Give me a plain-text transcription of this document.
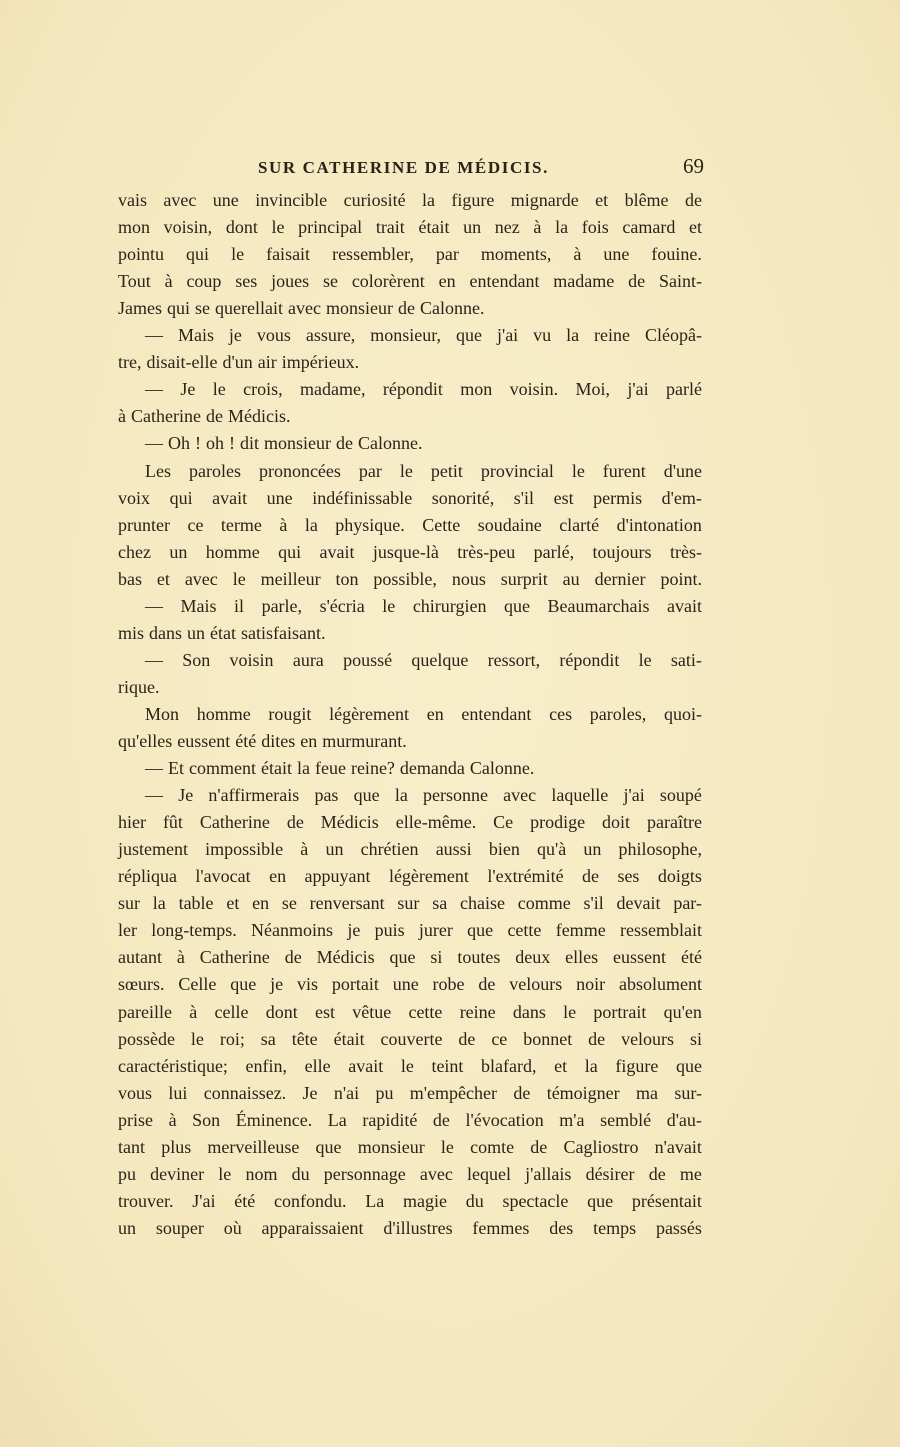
SUR CATHERINE DE MÉDICIS.	69
vais avec une invincible curiosité la figure mignarde et blême de
mon voisin, dont le principal trait était un nez à la fois camard et
pointu qui le faisait ressembler, par moments, à une fouine.
Tout à coup ses joues se colorèrent en entendant madame de Saint-
James qui se querellait avec monsieur de Calonne.
— Mais je vous assure, monsieur, que j'ai vu la reine Cléopâ-
tre, disait-elle d'un air impérieux.
— Je le crois, madame, répondit mon voisin. Moi, j'ai parlé
à Catherine de Médicis.
— Oh ! oh ! dit monsieur de Calonne.
Les paroles prononcées par le petit provincial le furent d'une
voix qui avait une indéfinissable sonorité, s'il est permis d'em-
prunter ce terme à la physique. Cette soudaine clarté d'intonation
chez un homme qui avait jusque-là très-peu parlé, toujours très-
bas et avec le meilleur ton possible, nous surprit au dernier point.
— Mais il parle, s'écria le chirurgien que Beaumarchais avait
mis dans un état satisfaisant.
— Son voisin aura poussé quelque ressort, répondit le sati-
rique.
Mon homme rougit légèrement en entendant ces paroles, quoi-
qu'elles eussent été dites en murmurant.
— Et comment était la feue reine? demanda Calonne.
— Je n'affirmerais pas que la personne avec laquelle j'ai soupé
hier fût Catherine de Médicis elle-même. Ce prodige doit paraître
justement impossible à un chrétien aussi bien qu'à un philosophe,
répliqua l'avocat en appuyant légèrement l'extrémité de ses doigts
sur la table et en se renversant sur sa chaise comme s'il devait par-
ler long-temps. Néanmoins je puis jurer que cette femme ressemblait
autant à Catherine de Médicis que si toutes deux elles eussent été
sœurs. Celle que je vis portait une robe de velours noir absolument
pareille à celle dont est vêtue cette reine dans le portrait qu'en
possède le roi; sa tête était couverte de ce bonnet de velours si
caractéristique; enfin, elle avait le teint blafard, et la figure que
vous lui connaissez. Je n'ai pu m'empêcher de témoigner ma sur-
prise à Son Éminence. La rapidité de l'évocation m'a semblé d'au-
tant plus merveilleuse que monsieur le comte de Cagliostro n'avait
pu deviner le nom du personnage avec lequel j'allais désirer de me
trouver. J'ai été confondu. La magie du spectacle que présentait
un souper où apparaissaient d'illustres femmes des temps passés
